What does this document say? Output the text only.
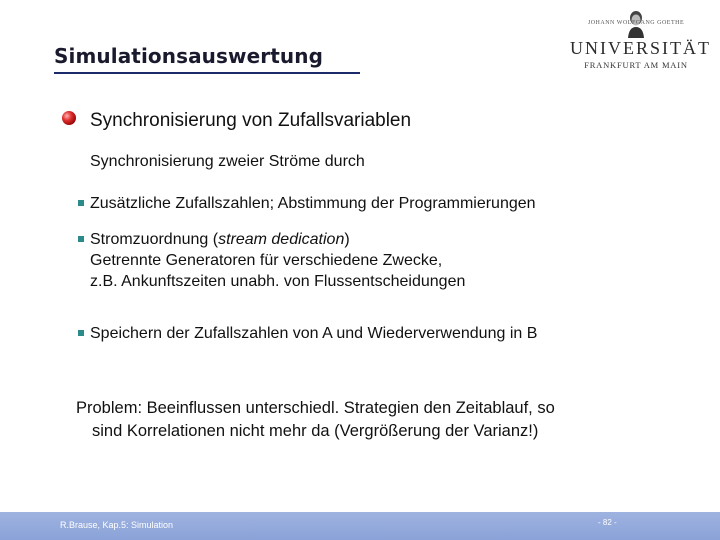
Simulationsauswertung
JOHANN WOLFGANG GOETHE
UNIVERSITÄT
FRANKFURT AM MAIN
Synchronisierung von Zufallsvariablen
Synchronisierung zweier Ströme durch
Zusätzliche Zufallszahlen; Abstimmung der Programmierungen
Stromzuordnung (stream dedication)
Getrennte Generatoren für verschiedene Zwecke,
z.B. Ankunftszeiten unabh. von Flussentscheidungen
Speichern der Zufallszahlen von A und Wiederverwendung in B
Problem: Beeinflussen unterschiedl. Strategien den Zeitablauf, so
sind Korrelationen nicht mehr da (Vergrößerung der Varianz!)
R.Brause, Kap.5: Simulation	- 82 -
